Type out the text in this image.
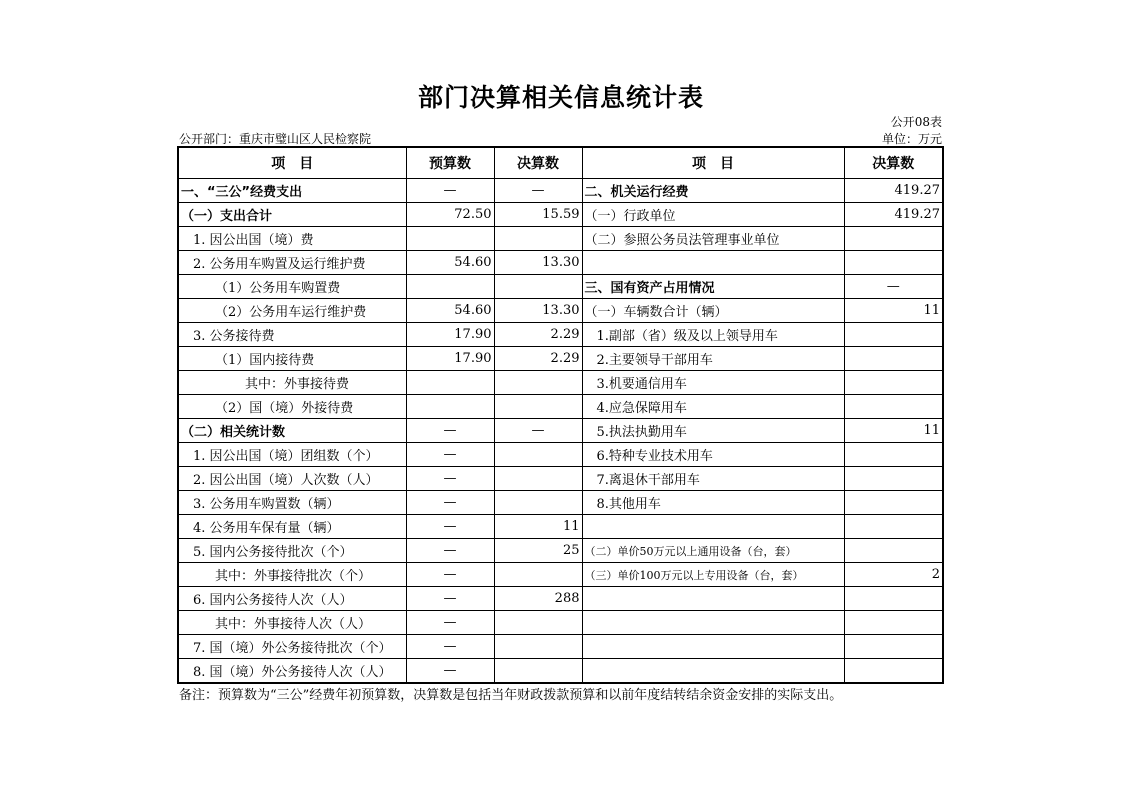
部门决算相关信息统计表
公开08表
公开部门：重庆市璧山区人民检察院	单位：万元
项　目	预算数	决算数	项　目	决算数
一、“三公”经费支出	—	—	二、机关运行经费	419.27
（一）支出合计	72.50	15.59	（一）行政单位	419.27
1. 因公出国（境）费			（二）参照公务员法管理事业单位	
2. 公务用车购置及运行维护费	54.60	13.30		
（1）公务用车购置费			三、国有资产占用情况	—
（2）公务用车运行维护费	54.60	13.30	（一）车辆数合计（辆）	11
3. 公务接待费	17.90	2.29	1.副部（省）级及以上领导用车	
（1）国内接待费	17.90	2.29	2.主要领导干部用车	
其中：外事接待费			3.机要通信用车	
（2）国（境）外接待费			4.应急保障用车	
（二）相关统计数	—	—	5.执法执勤用车	11
1. 因公出国（境）团组数（个）	—		6.特种专业技术用车	
2. 因公出国（境）人次数（人）	—		7.离退休干部用车	
3. 公务用车购置数（辆）	—		8.其他用车	
4. 公务用车保有量（辆）	—	11		
5. 国内公务接待批次（个）	—	25	（二）单价50万元以上通用设备（台，套）	
其中：外事接待批次（个）	—		（三）单价100万元以上专用设备（台，套）	2
6. 国内公务接待人次（人）	—	288		
其中：外事接待人次（人）	—			
7. 国（境）外公务接待批次（个）	—			
8. 国（境）外公务接待人次（人）	—			
备注：预算数为“三公”经费年初预算数，决算数是包括当年财政拨款预算和以前年度结转结余资金安排的实际支出。
